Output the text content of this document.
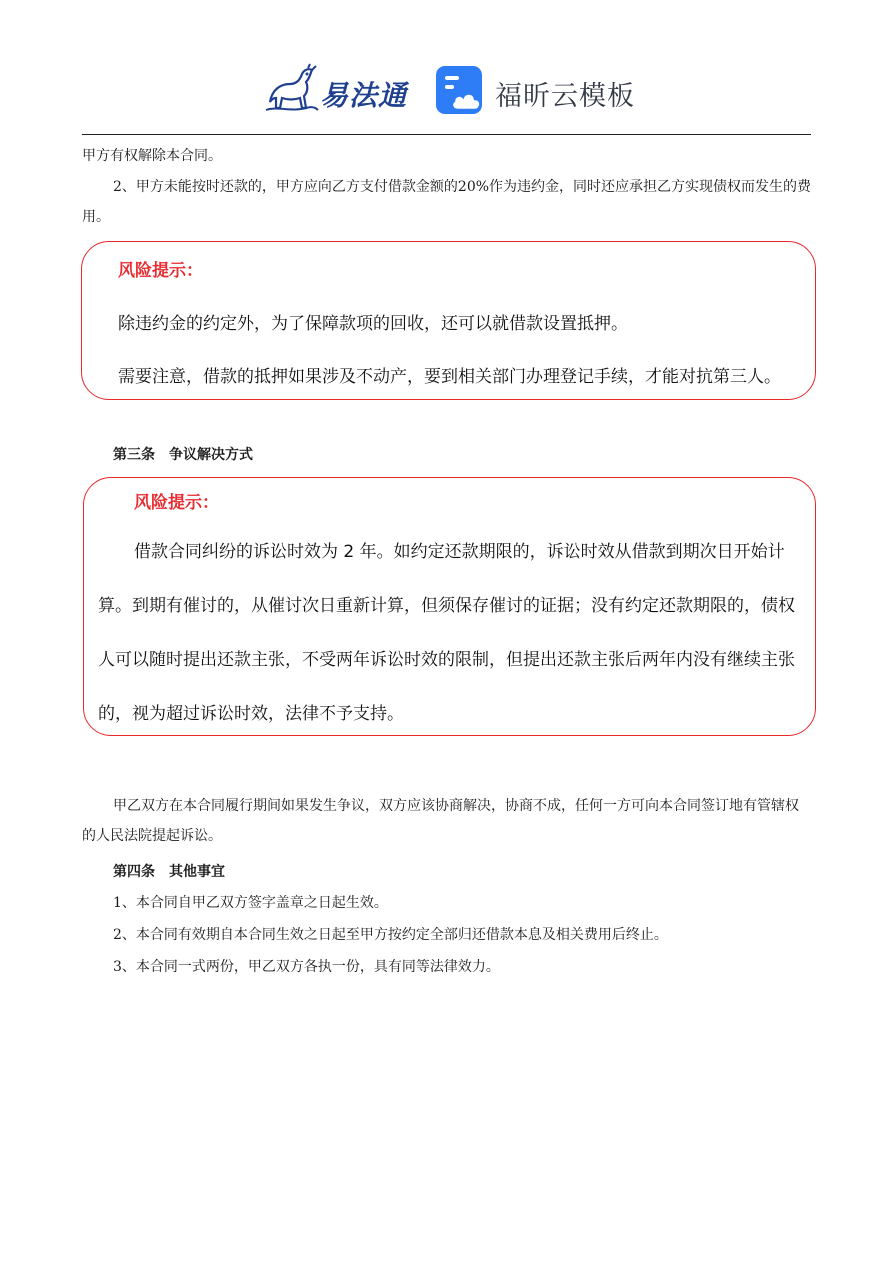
易法通	福昕云模板

甲方有权解除本合同。

2、甲方未能按时还款的，甲方应向乙方支付借款金额的20%作为违约金，同时还应承担乙方实现债权而发生的费用。

风险提示：
除违约金的约定外，为了保障款项的回收，还可以就借款设置抵押。
需要注意，借款的抵押如果涉及不动产，要到相关部门办理登记手续，才能对抗第三人。
第三条　争议解决方式
风险提示：
借款合同纠纷的诉讼时效为 2 年。如约定还款期限的，诉讼时效从借款到期次日开始计算。到期有催讨的，从催讨次日重新计算，但须保存催讨的证据；没有约定还款期限的，债权人可以随时提出还款主张，不受两年诉讼时效的限制，但提出还款主张后两年内没有继续主张的，视为超过诉讼时效，法律不予支持。

甲乙双方在本合同履行期间如果发生争议，双方应该协商解决，协商不成，任何一方可向本合同签订地有管辖权的人民法院提起诉讼。

第四条　其他事宜

1、本合同自甲乙双方签字盖章之日起生效。

2、本合同有效期自本合同生效之日起至甲方按约定全部归还借款本息及相关费用后终止。

3、本合同一式两份，甲乙双方各执一份，具有同等法律效力。
